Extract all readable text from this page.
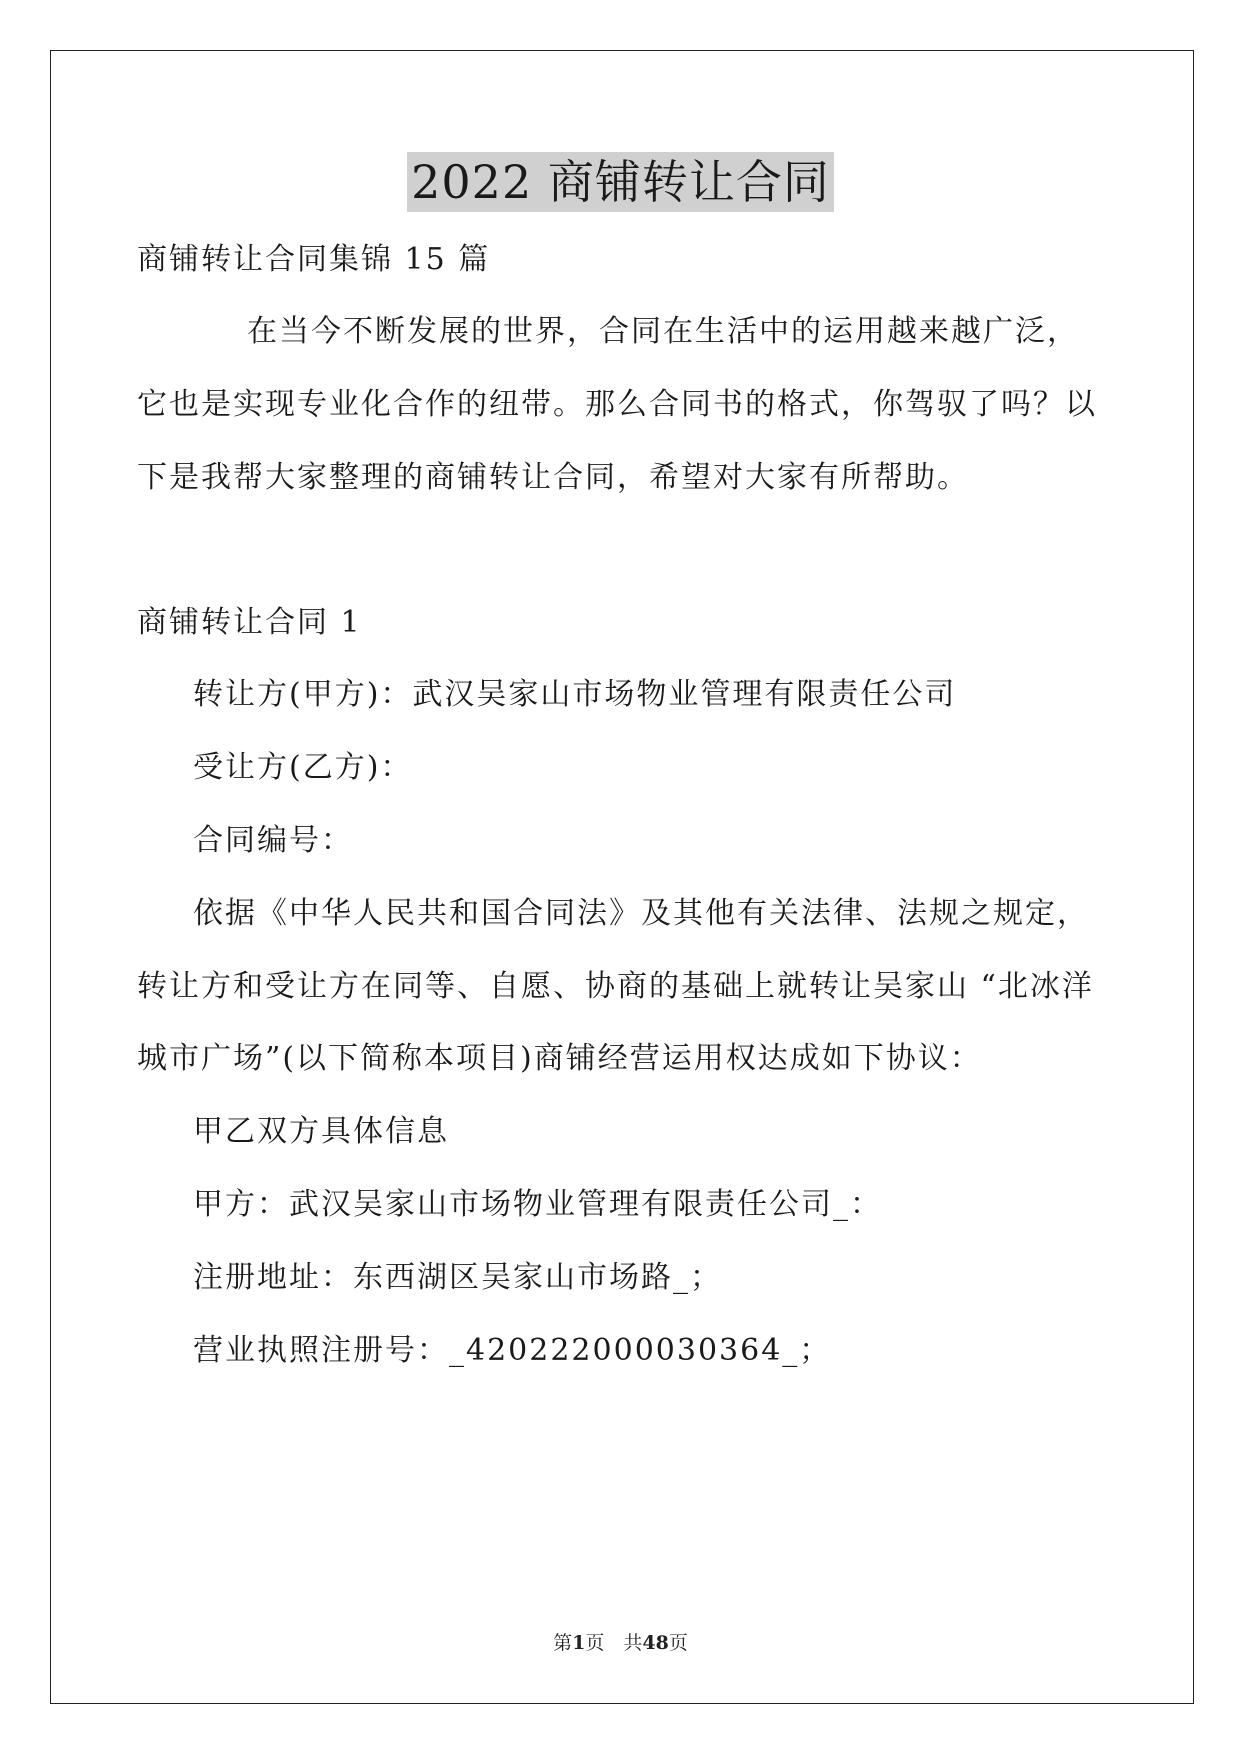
2022 商铺转让合同
商铺转让合同集锦 15 篇
在当今不断发展的世界，合同在生活中的运用越来越广泛，
它也是实现专业化合作的纽带。那么合同书的格式，你驾驭了吗？以
下是我帮大家整理的商铺转让合同，希望对大家有所帮助。
商铺转让合同 1
转让方(甲方)：武汉吴家山市场物业管理有限责任公司
受让方(乙方)：
合同编号：
依据《中华人民共和国合同法》及其他有关法律、法规之规定，
转让方和受让方在同等、自愿、协商的基础上就转让吴家山 “北冰洋
城市广场”(以下简称本项目)商铺经营运用权达成如下协议：
甲乙双方具体信息
甲方：武汉吴家山市场物业管理有限责任公司_：
注册地址：东西湖区吴家山市场路_；
营业执照注册号：_420222000030364_；
第1页　共48页
